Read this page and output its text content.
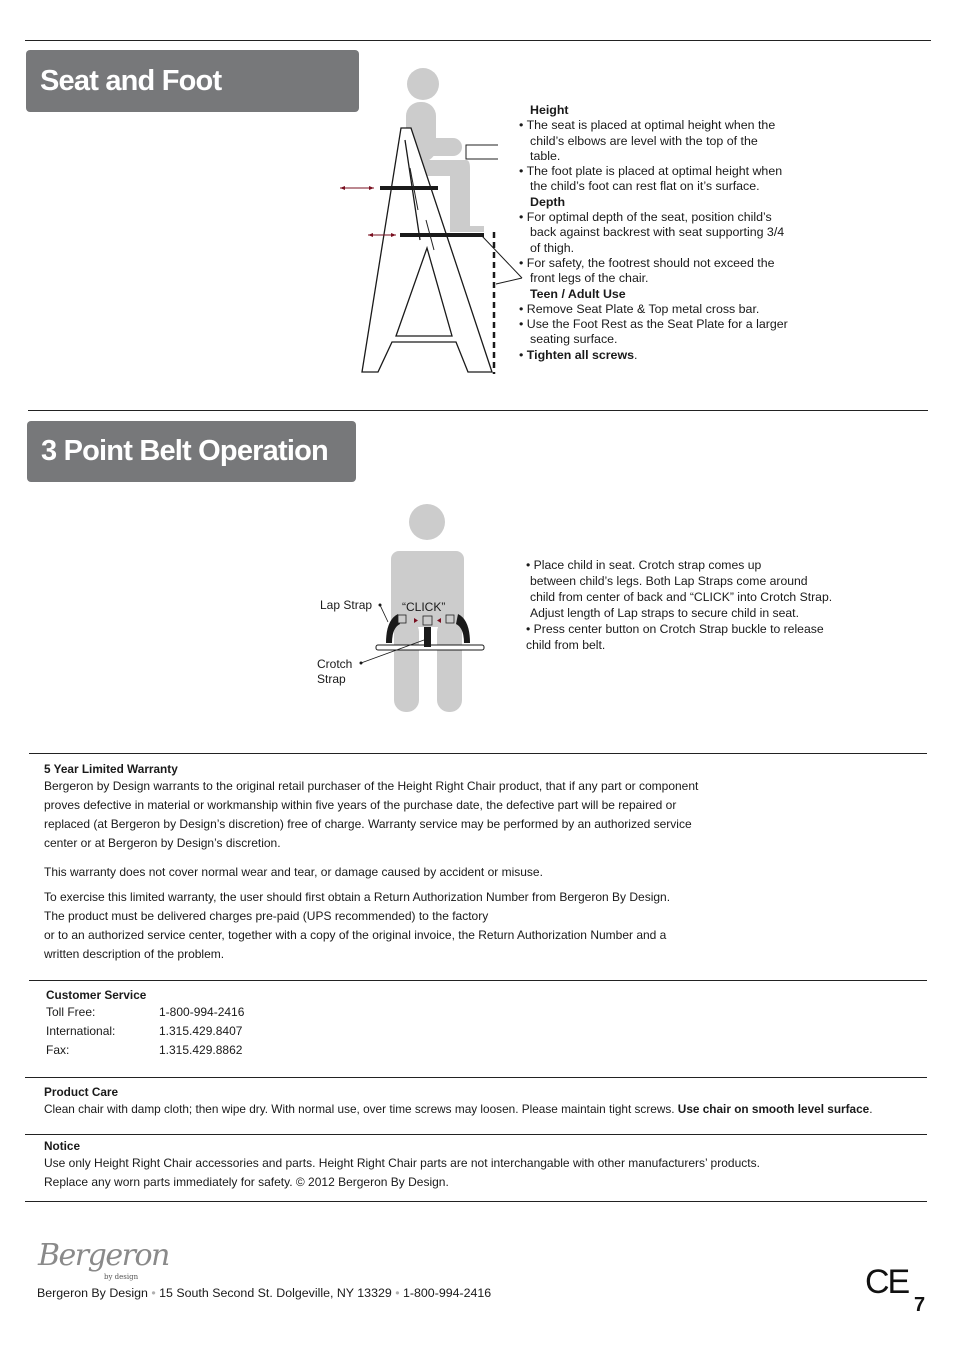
Seat and Foot Adjustment
Height
• The seat is placed at optimal height when the child’s elbows are level with the top of the table.
• The foot plate is placed at optimal height when the child’s foot can rest flat on it’s surface.
Depth
• For optimal depth of the seat, position child’s back against backrest with seat supporting 3/4 of thigh.
• For safety, the footrest should not exceed the front legs of the chair.
Teen / Adult Use
• Remove Seat Plate & Top metal cross bar.
• Use the Foot Rest as the Seat Plate for a larger seating surface.
• Tighten all screws.
3 Point Belt Operation
Lap Strap “CLICK”
Crotch
Strap
• Place child in seat. Crotch strap comes up
between child’s legs. Both Lap Straps come around
child from center of back and “CLICK” into Crotch Strap.
Adjust length of Lap straps to secure child in seat.
• Press center button on Crotch Strap buckle to release
child from belt.
5 Year Limited Warranty
Bergeron by Design warrants to the original retail purchaser of the Height Right Chair product, that if any part or component
proves defective in material or workmanship within five years of the purchase date, the defective part will be repaired or
replaced (at Bergeron by Design’s discretion) free of charge. Warranty service may be performed by an authorized service
center or at Bergeron by Design’s discretion.
This warranty does not cover normal wear and tear, or damage caused by accident or misuse.
To exercise this limited warranty, the user should first obtain a Return Authorization Number from Bergeron By Design.
The product must be delivered charges pre-paid (UPS recommended) to the factory
or to an authorized service center, together with a copy of the original invoice, the Return Authorization Number and a
written description of the problem.
Customer Service
Toll Free:	1-800-994-2416
International:	1.315.429.8407
Fax:	1.315.429.8862
Product Care
Clean chair with damp cloth; then wipe dry. With normal use, over time screws may loosen. Please maintain tight screws. Use chair on smooth level surface.
Notice
Use only Height Right Chair accessories and parts. Height Right Chair parts are not interchangable with other manufacturers’ products.
Replace any worn parts immediately for safety. © 2012 Bergeron By Design.
Bergeron
by design
Bergeron By Design • 15 South Second St. Dolgeville, NY 13329 • 1-800-994-2416	CE
7
